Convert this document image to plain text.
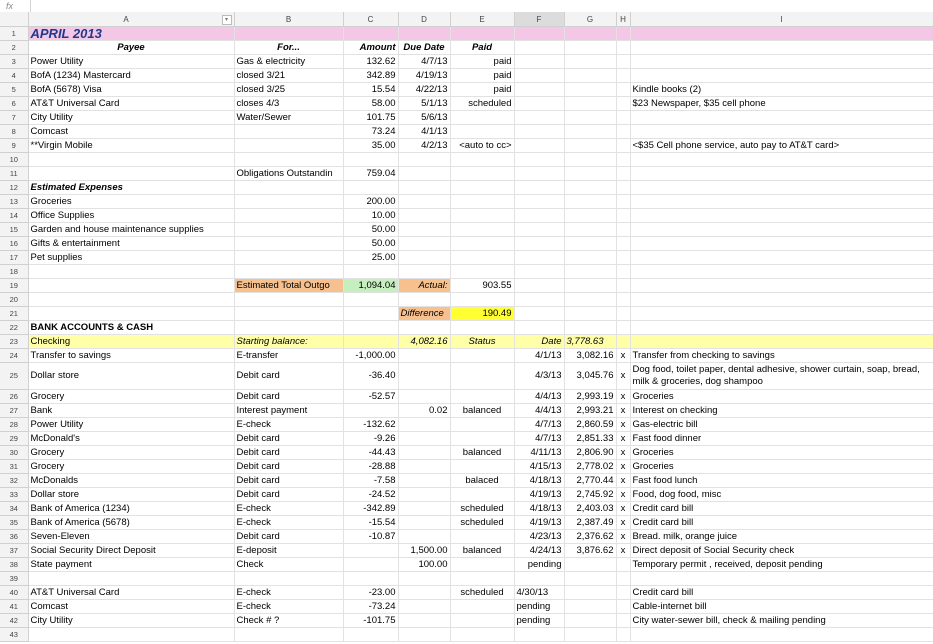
fx
	A ▾	B	C	D	E	F	G	H	I
1	APRIL 2013								
2	Payee	For...	Amount	Due Date	Paid				
3	Power Utility	Gas & electricity	132.62	4/7/13	paid				
4	BofA (1234) Mastercard	closed 3/21	342.89	4/19/13	paid				
5	BofA (5678) Visa	closed 3/25	15.54	4/22/13	paid				Kindle books (2)
6	AT&T Universal Card	closes 4/3	58.00	5/1/13	scheduled				$23 Newspaper, $35 cell phone
7	City Utility	Water/Sewer	101.75	5/6/13					
8	Comcast		73.24	4/1/13					
9	**Virgin Mobile		35.00	4/2/13	<auto to cc>				<$35 Cell phone service, auto pay to AT&T card>
10									
11		Obligations Outstandin	759.04						
12	Estimated Expenses								
13	Groceries		200.00						
14	Office Supplies		10.00						
15	Garden and house maintenance supplies		50.00						
16	Gifts & entertainment		50.00						
17	Pet supplies		25.00						
18									
19		Estimated Total Outgo	1,094.04	Actual:	903.55				
20									
21				Difference	190.49				
22	BANK ACCOUNTS & CASH								
23	Checking	Starting balance:		4,082.16	Status	Date	3,778.63		
24	Transfer to savings	E-transfer	-1,000.00			4/1/13	3,082.16	x	Transfer from checking to savings
25	Dollar store	Debit card	-36.40			4/3/13	3,045.76	x	Dog food, toilet paper, dental adhesive, shower curtain, soap, bread, milk & groceries, dog shampoo
26	Grocery	Debit card	-52.57			4/4/13	2,993.19	x	Groceries
27	Bank	Interest payment		0.02	balanced	4/4/13	2,993.21	x	Interest on checking
28	Power Utility	E-check	-132.62			4/7/13	2,860.59	x	Gas-electric bill
29	McDonald's	Debit card	-9.26			4/7/13	2,851.33	x	Fast food dinner
30	Grocery	Debit card	-44.43		balanced	4/11/13	2,806.90	x	Groceries
31	Grocery	Debit card	-28.88			4/15/13	2,778.02	x	Groceries
32	McDonalds	Debit card	-7.58		balaced	4/18/13	2,770.44	x	Fast food lunch
33	Dollar store	Debit card	-24.52			4/19/13	2,745.92	x	Food, dog food, misc
34	Bank of America (1234)	E-check	-342.89		scheduled	4/18/13	2,403.03	x	Credit card bill
35	Bank of America (5678)	E-check	-15.54		scheduled	4/19/13	2,387.49	x	Credit card bill
36	Seven-Eleven	Debit card	-10.87			4/23/13	2,376.62	x	Bread. milk, orange juice
37	Social Security Direct Deposit	E-deposit		1,500.00	balanced	4/24/13	3,876.62	x	Direct deposit of Social Security check
38	State payment	Check		100.00		pending			Temporary permit , received, deposit pending
39									
40	AT&T Universal Card	E-check	-23.00		scheduled	4/30/13			Credit card bill
41	Comcast	E-check	-73.24			pending			Cable-internet bill
42	City Utility	Check # ?	-101.75			pending			City water-sewer bill, check & mailing pending
43									
